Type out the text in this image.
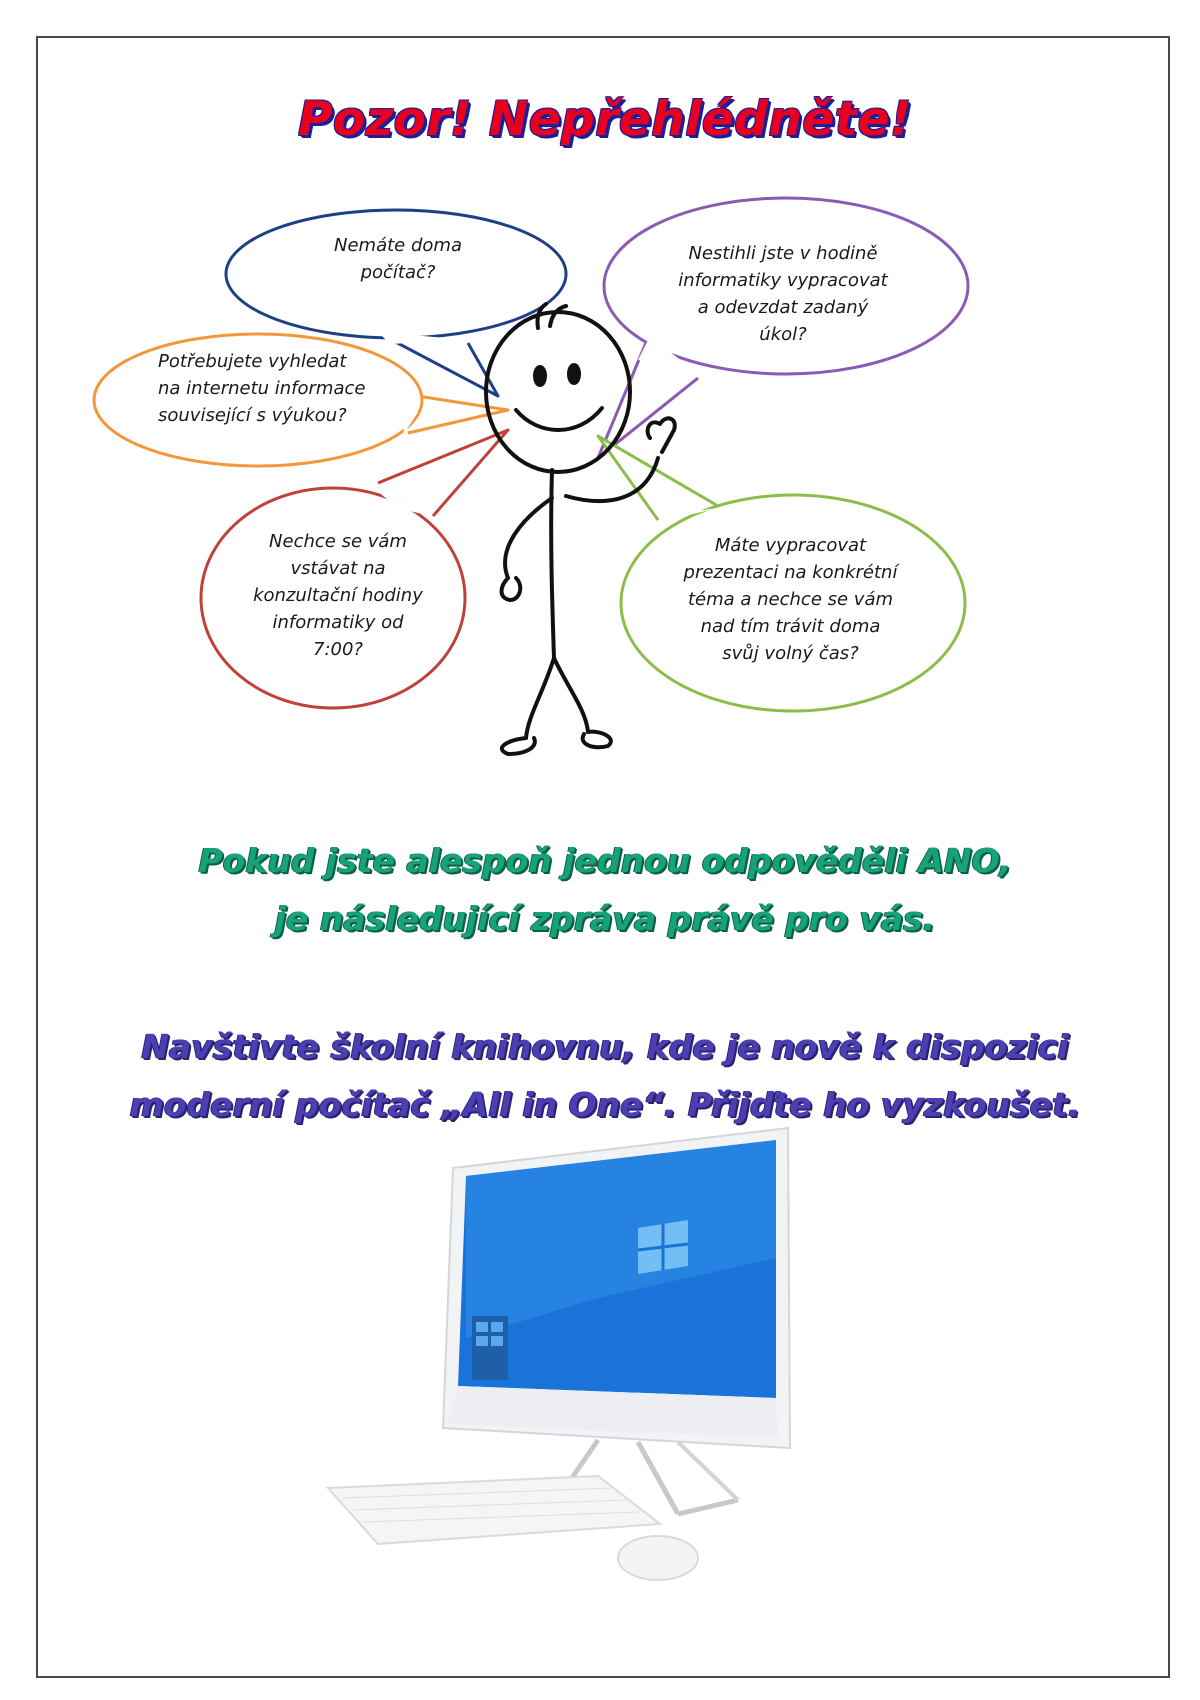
Pozor! Nepřehlédněte!
Nemáte doma
počítač?
Nestihli jste v hodině
informatiky vypracovat
a odevzdat zadaný
úkol?
Potřebujete vyhledat
na internetu informace
související s výukou?
Nechce se vám
vstávat na
konzultační hodiny
informatiky od
7:00?
Máte vypracovat
prezentaci na konkrétní
téma a nechce se vám
nad tím trávit doma
svůj volný čas?
Pokud jste alespoň jednou odpověděli ANO,
je následující zpráva právě pro vás.
Navštivte školní knihovnu, kde je nově k dispozici
moderní počítač „All in One“. Přijďte ho vyzkoušet.
